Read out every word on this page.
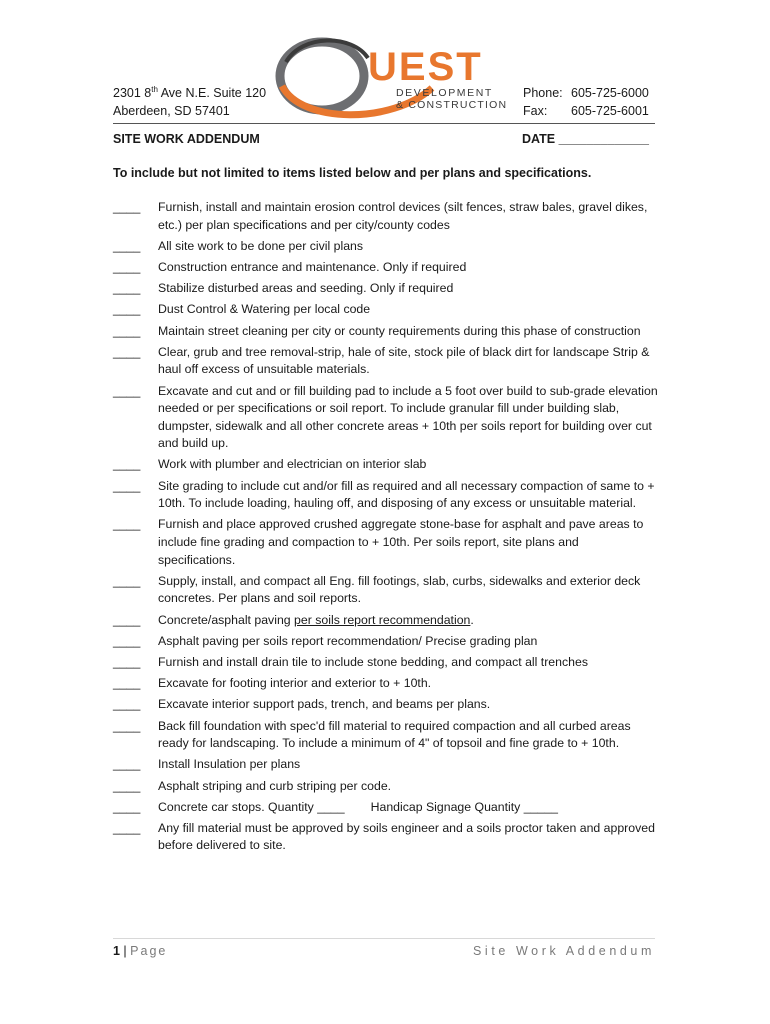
2301 8th Ave N.E. Suite 120
Aberdeen, SD 57401
UEST
DEVELOPMENT
& CONSTRUCTION
Phone: 605-725-6000
Fax:	605-725-6001
SITE WORK ADDENDUM	DATE _____________
To include but not limited to items listed below and per plans and specifications.
____	Furnish, install and maintain erosion control devices (silt fences, straw bales, gravel dikes, etc.) per plan specifications and per city/county codes
____	All site work to be done per civil plans
____	Construction entrance and maintenance. Only if required
____	Stabilize disturbed areas and seeding. Only if required
____	Dust Control & Watering per local code
____	Maintain street cleaning per city or county requirements during this phase of construction
____	Clear, grub and tree removal-strip, hale of site, stock pile of black dirt for landscape Strip & haul off excess of unsuitable materials.
____	Excavate and cut and or fill building pad to include a 5 foot over build to sub-grade elevation needed or per specifications or soil report. To include granular fill under building slab, dumpster, sidewalk and all other concrete areas + 10th per soils report for building over cut and build up.
____	Work with plumber and electrician on interior slab
____	Site grading to include cut and/or fill as required and all necessary compaction of same to + 10th. To include loading, hauling off, and disposing of any excess or unsuitable material.
____	Furnish and place approved crushed aggregate stone-base for asphalt and pave areas to include fine grading and compaction to + 10th. Per soils report, site plans and specifications.
____	Supply, install, and compact all Eng. fill footings, slab, curbs, sidewalks and exterior deck concretes. Per plans and soil reports.
____	Concrete/asphalt paving per soils report recommendation.
____	Asphalt paving per soils report recommendation/ Precise grading plan
____	Furnish and install drain tile to include stone bedding, and compact all trenches
____	Excavate for footing interior and exterior to + 10th.
____	Excavate interior support pads, trench, and beams per plans.
____	Back fill foundation with spec'd fill material to required compaction and all curbed areas ready for landscaping. To include a minimum of 4" of topsoil and fine grade to + 10th.
____	Install Insulation per plans
____	Asphalt striping and curb striping per code.
____	Concrete car stops. Quantity ____ Handicap Signage Quantity _____
____	Any fill material must be approved by soils engineer and a soils proctor taken and approved before delivered to site.
1 | Page	Site Work Addendum
